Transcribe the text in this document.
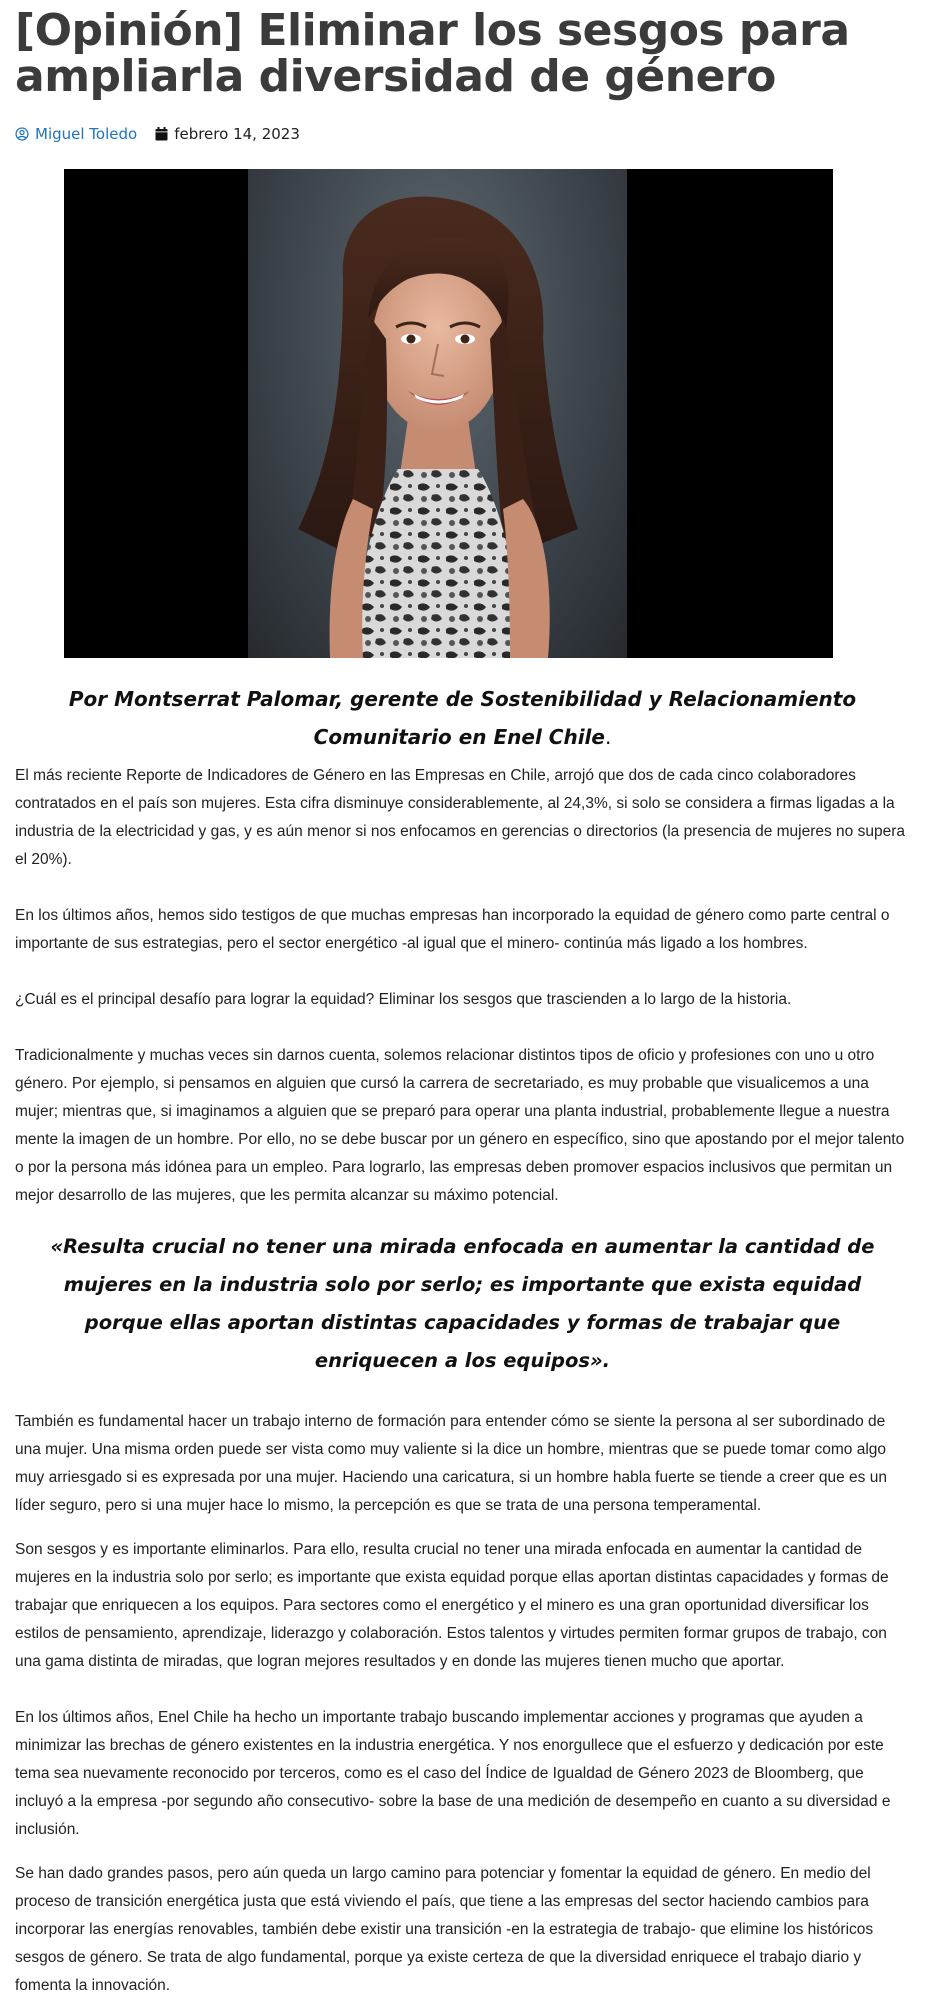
[Opinión] Eliminar los sesgos para ampliarla diversidad de género
Miguel Toledo febrero 14, 2023

Por Montserrat Palomar, gerente de Sostenibilidad y Relacionamiento Comunitario en Enel Chile.

El más reciente Reporte de Indicadores de Género en las Empresas en Chile, arrojó que dos de cada cinco colaboradores contratados en el país son mujeres. Esta cifra disminuye considerablemente, al 24,3%, si solo se considera a firmas ligadas a la industria de la electricidad y gas, y es aún menor si nos enfocamos en gerencias o directorios (la presencia de mujeres no supera el 20%).

En los últimos años, hemos sido testigos de que muchas empresas han incorporado la equidad de género como parte central o importante de sus estrategias, pero el sector energético -al igual que el minero- continúa más ligado a los hombres.

¿Cuál es el principal desafío para lograr la equidad? Eliminar los sesgos que trascienden a lo largo de la historia.

Tradicionalmente y muchas veces sin darnos cuenta, solemos relacionar distintos tipos de oficio y profesiones con uno u otro género. Por ejemplo, si pensamos en alguien que cursó la carrera de secretariado, es muy probable que visualicemos a una mujer; mientras que, si imaginamos a alguien que se preparó para operar una planta industrial, probablemente llegue a nuestra mente la imagen de un hombre. Por ello, no se debe buscar por un género en específico, sino que apostando por el mejor talento o por la persona más idónea para un empleo. Para lograrlo, las empresas deben promover espacios inclusivos que permitan un mejor desarrollo de las mujeres, que les permita alcanzar su máximo potencial.

«Resulta crucial no tener una mirada enfocada en aumentar la cantidad de mujeres en la industria solo por serlo; es importante que exista equidad porque ellas aportan distintas capacidades y formas de trabajar que enriquecen a los equipos».

También es fundamental hacer un trabajo interno de formación para entender cómo se siente la persona al ser subordinado de una mujer. Una misma orden puede ser vista como muy valiente si la dice un hombre, mientras que se puede tomar como algo muy arriesgado si es expresada por una mujer. Haciendo una caricatura, si un hombre habla fuerte se tiende a creer que es un líder seguro, pero si una mujer hace lo mismo, la percepción es que se trata de una persona temperamental.

Son sesgos y es importante eliminarlos. Para ello, resulta crucial no tener una mirada enfocada en aumentar la cantidad de mujeres en la industria solo por serlo; es importante que exista equidad porque ellas aportan distintas capacidades y formas de trabajar que enriquecen a los equipos. Para sectores como el energético y el minero es una gran oportunidad diversificar los estilos de pensamiento, aprendizaje, liderazgo y colaboración. Estos talentos y virtudes permiten formar grupos de trabajo, con una gama distinta de miradas, que logran mejores resultados y en donde las mujeres tienen mucho que aportar.

En los últimos años, Enel Chile ha hecho un importante trabajo buscando implementar acciones y programas que ayuden a minimizar las brechas de género existentes en la industria energética. Y nos enorgullece que el esfuerzo y dedicación por este tema sea nuevamente reconocido por terceros, como es el caso del Índice de Igualdad de Género 2023 de Bloomberg, que incluyó a la empresa -por segundo año consecutivo- sobre la base de una medición de desempeño en cuanto a su diversidad e inclusión.

Se han dado grandes pasos, pero aún queda un largo camino para potenciar y fomentar la equidad de género. En medio del proceso de transición energética justa que está viviendo el país, que tiene a las empresas del sector haciendo cambios para incorporar las energías renovables, también debe existir una transición -en la estrategia de trabajo- que elimine los históricos sesgos de género. Se trata de algo fundamental, porque ya existe certeza de que la diversidad enriquece el trabajo diario y fomenta la innovación.
